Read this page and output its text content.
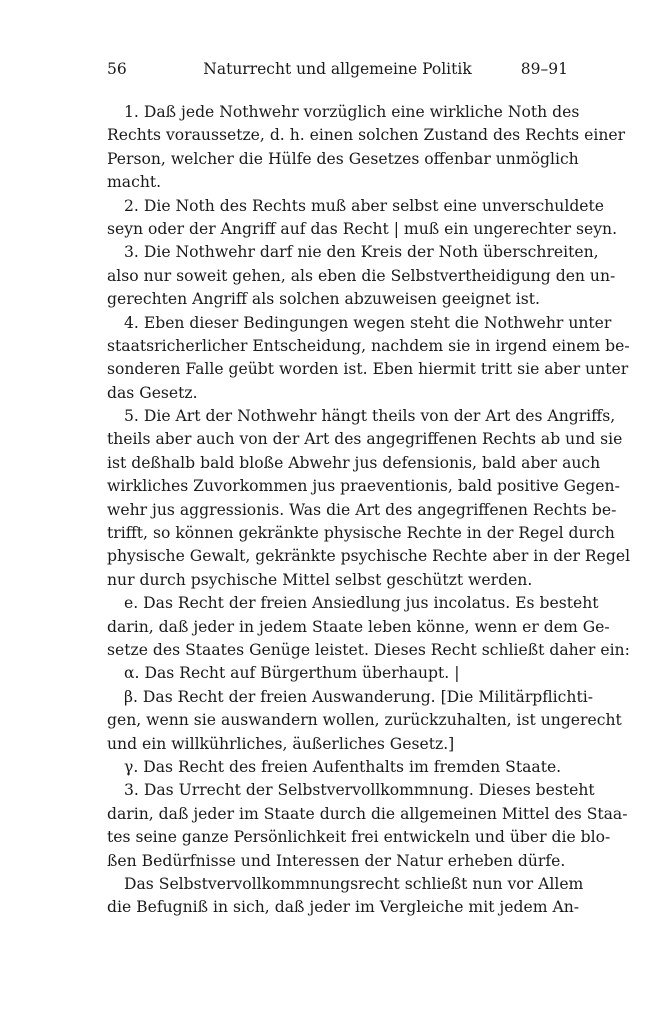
56	Naturrecht und allgemeine Politik	89–91
1. Daß jede Nothwehr vorzüglich eine wirkliche Noth des
Rechts voraussetze, d. h. einen solchen Zustand des Rechts einer
Person, welcher die Hülfe des Gesetzes offenbar unmöglich
macht.
2. Die Noth des Rechts muß aber selbst eine unverschuldete
seyn oder der Angriff auf das Recht | muß ein ungerechter seyn.
3. Die Nothwehr darf nie den Kreis der Noth überschreiten,
also nur soweit gehen, als eben die Selbstvertheidigung den un-
gerechten Angriff als solchen abzuweisen geeignet ist.
4. Eben dieser Bedingungen wegen steht die Nothwehr unter
staatsricherlicher Entscheidung, nachdem sie in irgend einem be-
sonderen Falle geübt worden ist. Eben hiermit tritt sie aber unter
das Gesetz.
5. Die Art der Nothwehr hängt theils von der Art des Angriffs,
theils aber auch von der Art des angegriffenen Rechts ab und sie
ist deßhalb bald bloße Abwehr jus defensionis, bald aber auch
wirkliches Zuvorkommen jus praeventionis, bald positive Gegen-
wehr jus aggressionis. Was die Art des angegriffenen Rechts be-
trifft, so können gekränkte physische Rechte in der Regel durch
physische Gewalt, gekränkte psychische Rechte aber in der Regel
nur durch psychische Mittel selbst geschützt werden.
e. Das Recht der freien Ansiedlung jus incolatus. Es besteht
darin, daß jeder in jedem Staate leben könne, wenn er dem Ge-
setze des Staates Genüge leistet. Dieses Recht schließt daher ein:
α. Das Recht auf Bürgerthum überhaupt. |
β. Das Recht der freien Auswanderung. [Die Militärpflichti-
gen, wenn sie auswandern wollen, zurückzuhalten, ist ungerecht
und ein willkührliches, äußerliches Gesetz.]
γ. Das Recht des freien Aufenthalts im fremden Staate.
3. Das Urrecht der Selbstvervollkommnung. Dieses besteht
darin, daß jeder im Staate durch die allgemeinen Mittel des Staa-
tes seine ganze Persönlichkeit frei entwickeln und über die blo-
ßen Bedürfnisse und Interessen der Natur erheben dürfe.
Das Selbstvervollkommnungsrecht schließt nun vor Allem
die Befugniß in sich, daß jeder im Vergleiche mit jedem An-
